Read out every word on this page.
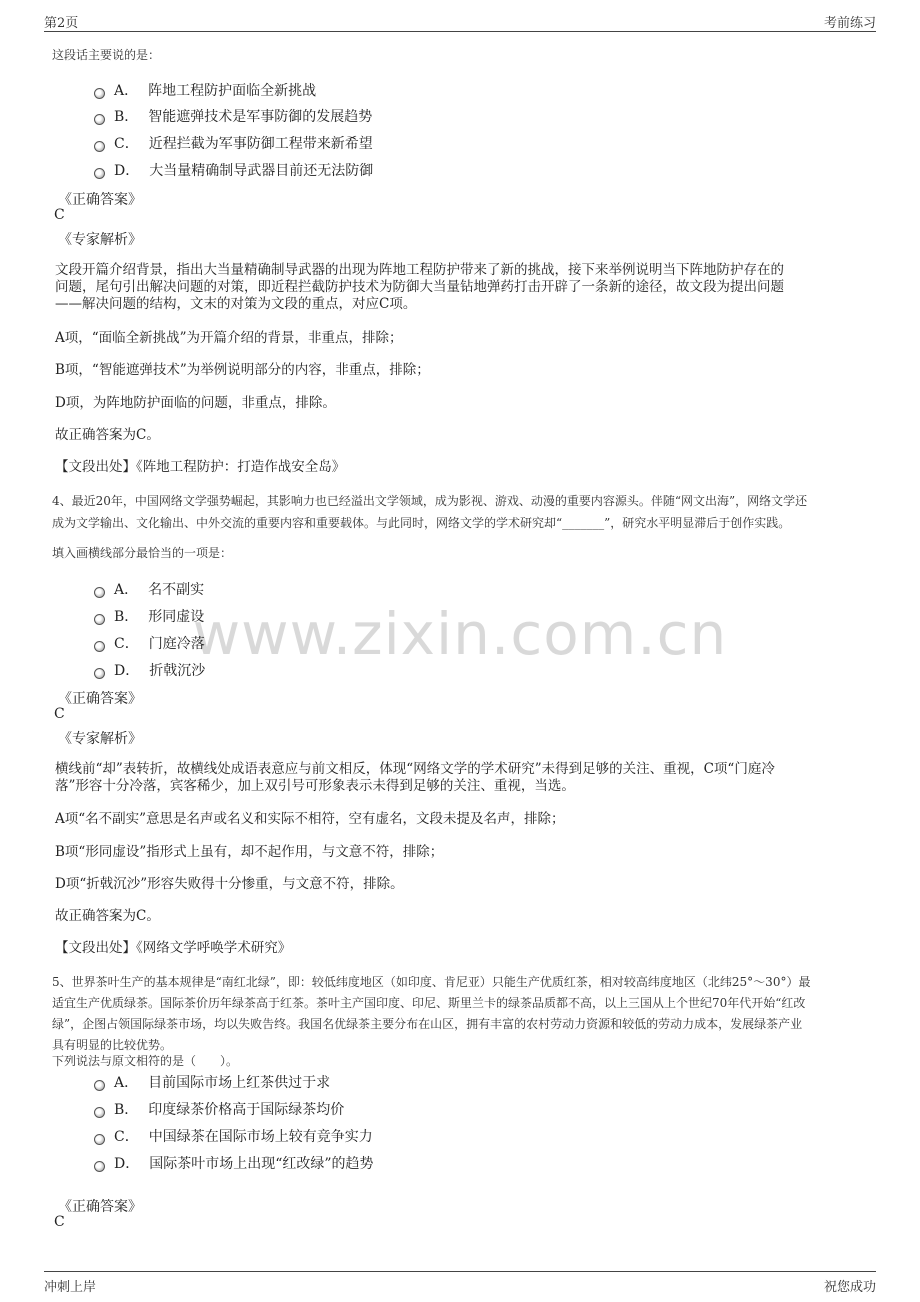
第2页	考前练习
www.zixin.com.cn
这段话主要说的是：
A． 阵地工程防护面临全新挑战
B． 智能遮弹技术是军事防御的发展趋势
C． 近程拦截为军事防御工程带来新希望
D． 大当量精确制导武器目前还无法防御
《正确答案》
C
《专家解析》
文段开篇介绍背景，指出大当量精确制导武器的出现为阵地工程防护带来了新的挑战，接下来举例说明当下阵地防护存在的
问题，尾句引出解决问题的对策，即近程拦截防护技术为防御大当量钻地弹药打击开辟了一条新的途径，故文段为提出问题
——解决问题的结构，文末的对策为文段的重点，对应C项。
A项，“面临全新挑战”为开篇介绍的背景，非重点，排除；
B项，“智能遮弹技术”为举例说明部分的内容，非重点，排除；
D项，为阵地防护面临的问题，非重点，排除。
故正确答案为C。
【文段出处】《阵地工程防护：打造作战安全岛》
4、最近20年，中国网络文学强势崛起，其影响力也已经溢出文学领域，成为影视、游戏、动漫的重要内容源头。伴随“网文出海”，网络文学还
成为文学输出、文化输出、中外交流的重要内容和重要载体。与此同时，网络文学的学术研究却“_______”，研究水平明显滞后于创作实践。
填入画横线部分最恰当的一项是：
A． 名不副实
B． 形同虚设
C． 门庭冷落
D． 折戟沉沙
《正确答案》
C
《专家解析》
横线前“却”表转折，故横线处成语表意应与前文相反，体现“网络文学的学术研究”未得到足够的关注、重视，C项“门庭冷
落”形容十分冷落，宾客稀少，加上双引号可形象表示未得到足够的关注、重视，当选。
A项“名不副实”意思是名声或名义和实际不相符，空有虚名，文段未提及名声，排除；
B项“形同虚设”指形式上虽有，却不起作用，与文意不符，排除；
D项“折戟沉沙”形容失败得十分惨重，与文意不符，排除。
故正确答案为C。
【文段出处】《网络文学呼唤学术研究》
5、世界茶叶生产的基本规律是“南红北绿”，即：较低纬度地区（如印度、肯尼亚）只能生产优质红茶，相对较高纬度地区（北纬25°～30°）最
适宜生产优质绿茶。国际茶价历年绿茶高于红茶。茶叶主产国印度、印尼、斯里兰卡的绿茶品质都不高，以上三国从上个世纪70年代开始“红改
绿”，企图占领国际绿茶市场，均以失败告终。我国名优绿茶主要分布在山区，拥有丰富的农村劳动力资源和较低的劳动力成本，发展绿茶产业
具有明显的比较优势。
下列说法与原文相符的是（　　）。
A． 目前国际市场上红茶供过于求
B． 印度绿茶价格高于国际绿茶均价
C． 中国绿茶在国际市场上较有竞争实力
D． 国际茶叶市场上出现“红改绿”的趋势
《正确答案》
C
冲刺上岸	祝您成功
